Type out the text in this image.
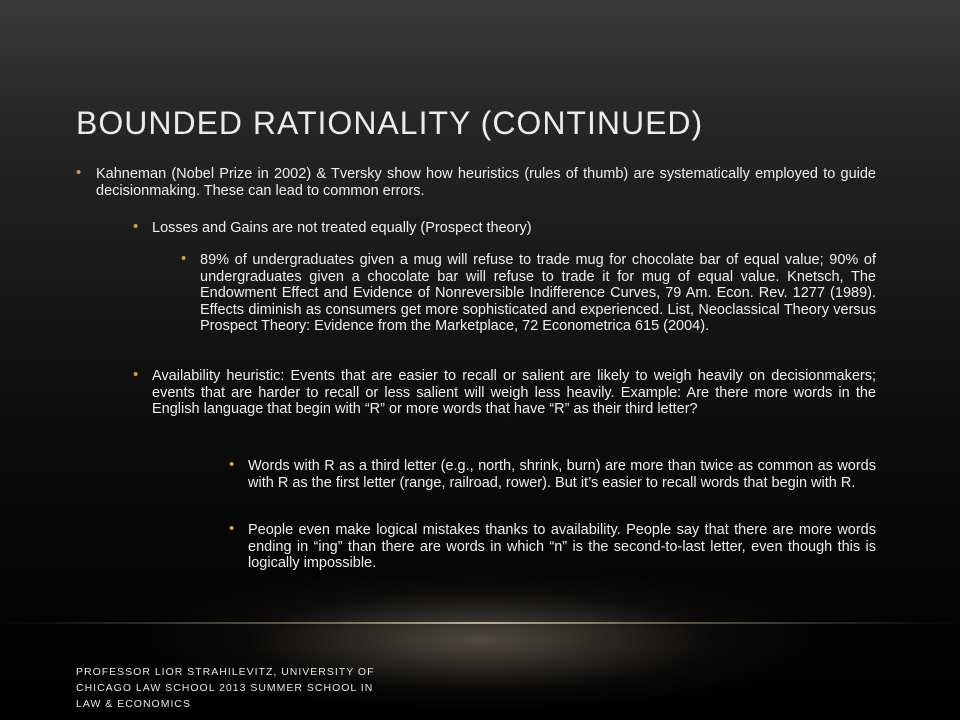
BOUNDED RATIONALITY (CONTINUED)
• Kahneman (Nobel Prize in 2002) & Tversky show how heuristics (rules of thumb) are systematically employed to guide decisionmaking. These can lead to common errors.
• Losses and Gains are not treated equally (Prospect theory)
• 89% of undergraduates given a mug will refuse to trade mug for chocolate bar of equal value; 90% of undergraduates given a chocolate bar will refuse to trade it for mug of equal value. Knetsch, The Endowment Effect and Evidence of Nonreversible Indifference Curves, 79 Am. Econ. Rev. 1277 (1989). Effects diminish as consumers get more sophisticated and experienced. List, Neoclassical Theory versus Prospect Theory: Evidence from the Marketplace, 72 Econometrica 615 (2004).
• Availability heuristic: Events that are easier to recall or salient are likely to weigh heavily on decisionmakers; events that are harder to recall or less salient will weigh less heavily. Example: Are there more words in the English language that begin with “R” or more words that have “R” as their third letter?
• Words with R as a third letter (e.g., north, shrink, burn) are more than twice as common as words with R as the first letter (range, railroad, rower). But it’s easier to recall words that begin with R.
• People even make logical mistakes thanks to availability. People say that there are more words ending in “ing” than there are words in which “n” is the second-to-last letter, even though this is logically impossible.
PROFESSOR LIOR STRAHILEVITZ, UNIVERSITY OF CHICAGO LAW SCHOOL 2013 SUMMER SCHOOL IN LAW & ECONOMICS
